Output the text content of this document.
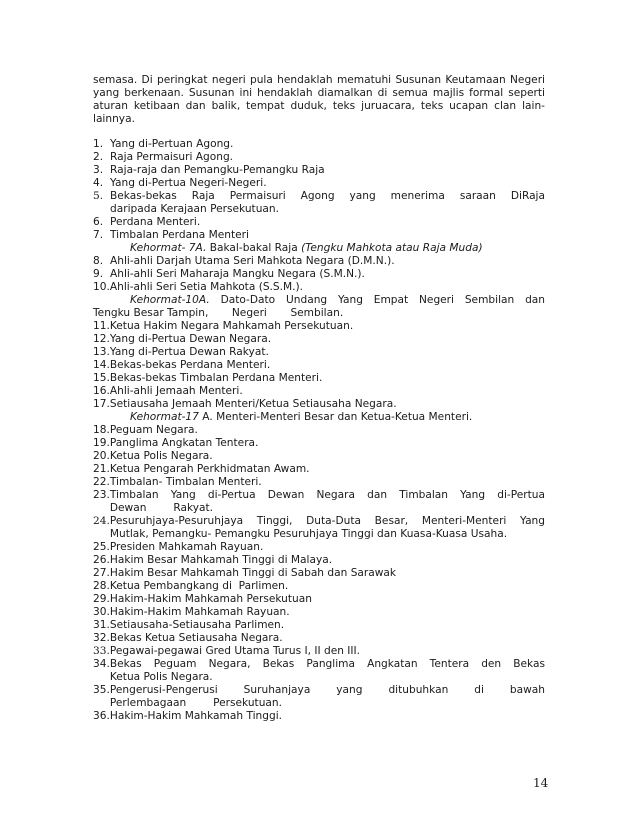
semasa. Di peringkat negeri pula hendaklah mematuhi Susunan Keutamaan Negeri yang berkenaan. Susunan ini hendaklah diamalkan di semua majlis formal seperti aturan ketibaan dan balik, tempat duduk, teks juruacara, teks ucapan clan lain-lainnya.

1. Yang di-Pertuan Agong.
2. Raja Permaisuri Agong.
3. Raja-raja dan Pemangku-Pemangku Raja
4. Yang di-Pertua Negeri-Negeri.
5. Bekas-bekas Raja Permaisuri Agong yang menerima saraan DiRaja
daripada Kerajaan Persekutuan.
6. Perdana Menteri.
7. Timbalan Perdana Menteri
Kehormat- 7A. Bakal-bakal Raja (Tengku Mahkota atau Raja Muda)
8. Ahli-ahli Darjah Utama Seri Mahkota Negara (D.M.N.).
9. Ahli-ahli Seri Maharaja Mangku Negara (S.M.N.).
10. Ahli-ahli Seri Setia Mahkota (S.S.M.).
Kehormat-10A. Dato-Dato Undang Yang Empat Negeri Sembilan dan
Tengku Besar Tampin,       Negeri       Sembilan.
11. Ketua Hakim Negara Mahkamah Persekutuan.
12. Yang di-Pertua Dewan Negara.
13. Yang di-Pertua Dewan Rakyat.
14. Bekas-bekas Perdana Menteri.
15. Bekas-bekas Timbalan Perdana Menteri.
16. Ahli-ahli Jemaah Menteri.
17. Setiausaha Jemaah Menteri/Ketua Setiausaha Negara.
Kehormat-17 A. Menteri-Menteri Besar dan Ketua-Ketua Menteri.
18. Peguam Negara.
19. Panglima Angkatan Tentera.
20. Ketua Polis Negara.
21. Ketua Pengarah Perkhidmatan Awam.
22. Timbalan- Timbalan Menteri.
23. Timbalan Yang di-Pertua Dewan Negara dan Timbalan Yang di-Pertua
Dewan        Rakyat.
24. Pesuruhjaya-Pesuruhjaya Tinggi, Duta-Duta Besar, Menteri-Menteri Yang
Mutlak, Pemangku- Pemangku Pesuruhjaya Tinggi dan Kuasa-Kuasa Usaha.
25. Presiden Mahkamah Rayuan.
26. Hakim Besar Mahkamah Tinggi di Malaya.
27. Hakim Besar Mahkamah Tinggi di Sabah dan Sarawak
28. Ketua Pembangkang di  Parlimen.
29. Hakim-Hakim Mahkamah Persekutuan
30. Hakim-Hakim Mahkamah Rayuan.
31. Setiausaha-Setiausaha Parlimen.
32. Bekas Ketua Setiausaha Negara.
33. Pegawai-pegawai Gred Utama Turus I, II den III.
34. Bekas Peguam Negara, Bekas Panglima Angkatan Tentera den Bekas
Ketua Polis Negara.
35. Pengerusi-Pengerusi Suruhanjaya yang ditubuhkan di bawah
Perlembagaan        Persekutuan.
36. Hakim-Hakim Mahkamah Tinggi.
14
